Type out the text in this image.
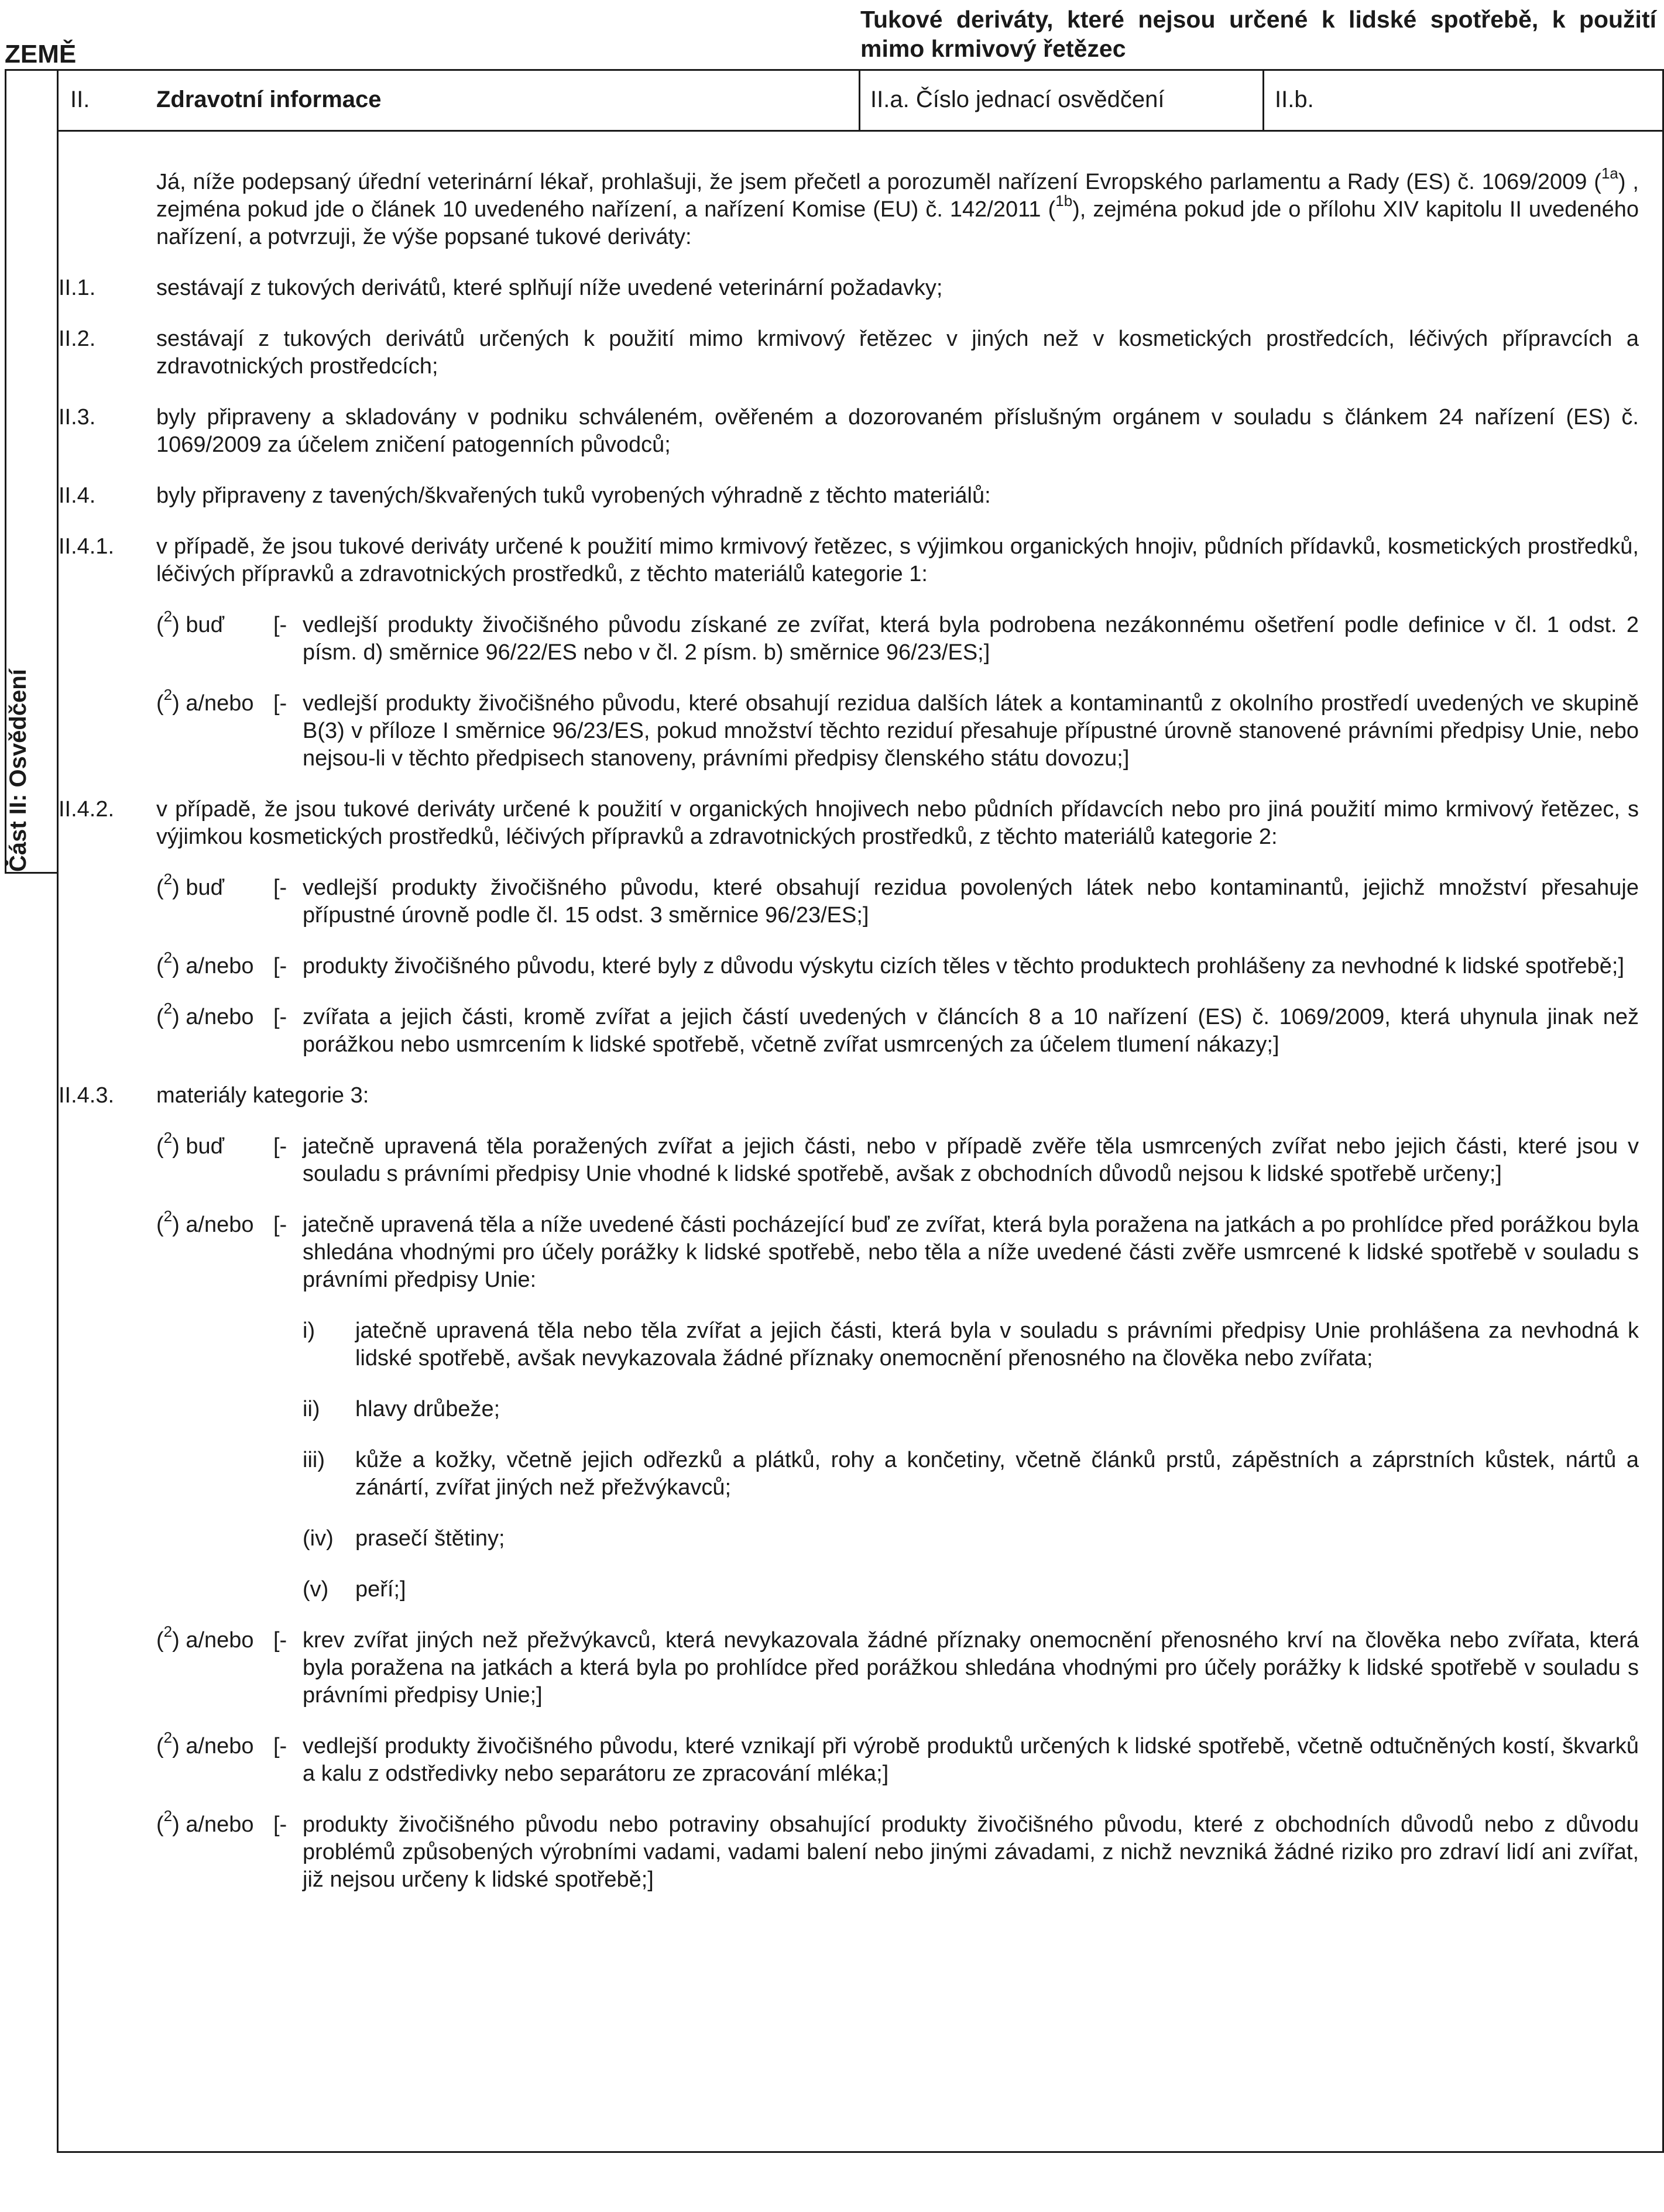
ZEMĚ
Tukové deriváty, které nejsou určené k lidské spotřebě, k použití mimo krmivový řetězec
II.	Zdravotní informace	II.a. Číslo jednací osvědčení	II.b.
Část II: Osvědčení

Já, níže podepsaný úřední veterinární lékař, prohlašuji, že jsem přečetl a porozuměl nařízení Evropského parlamentu a Rady (ES) č. 1069/2009 ($^{1a}$) , zejména pokud jde o článek 10 uvedeného nařízení, a nařízení Komise (EU) č. 142/2011 ($^{1b}$), zejména pokud jde o přílohu XIV kapitolu II uvedeného nařízení, a potvrzuji, že výše popsané tukové deriváty:

II.1.	sestávají z tukových derivátů, které splňují níže uvedené veterinární požadavky;
II.2.	sestávají z tukových derivátů určených k použití mimo krmivový řetězec v jiných než v kosmetických prostředcích, léčivých přípravcích a zdravotnických prostředcích;
II.3.	byly připraveny a skladovány v podniku schváleném, ověřeném a dozorovaném příslušným orgánem v souladu s článkem 24 nařízení (ES) č. 1069/2009 za účelem zničení patogenních původců;
II.4.	byly připraveny z tavených/škvařených tuků vyrobených výhradně z těchto materiálů:
II.4.1. v případě, že jsou tukové deriváty určené k použití mimo krmivový řetězec, s výjimkou organických hnojiv, půdních přídavků, kosmetických prostředků, léčivých přípravků a zdravotnických prostředků, z těchto materiálů kategorie 1:
($^2$) buď [- vedlejší produkty živočišného původu získané ze zvířat, která byla podrobena nezákonnému ošetření podle definice v čl. 1 odst. 2 písm. d) směrnice 96/22/ES nebo v čl. 2 písm. b) směrnice 96/23/ES;]
($^2$) a/nebo [- vedlejší produkty živočišného původu, které obsahují rezidua dalších látek a kontaminantů z okolního prostředí uvedených ve skupině B(3) v příloze I směrnice 96/23/ES, pokud množství těchto reziduí přesahuje přípustné úrovně stanovené právními předpisy Unie, nebo nejsou-li v těchto předpisech stanoveny, právními předpisy členského státu dovozu;]
II.4.2. v případě, že jsou tukové deriváty určené k použití v organických hnojivech nebo půdních přídavcích nebo pro jiná použití mimo krmivový řetězec, s výjimkou kosmetických prostředků, léčivých přípravků a zdravotnických prostředků, z těchto materiálů kategorie 2:
($^2$) buď [- vedlejší produkty živočišného původu, které obsahují rezidua povolených látek nebo kontaminantů, jejichž množství přesahuje přípustné úrovně podle čl. 15 odst. 3 směrnice 96/23/ES;]
($^2$) a/nebo [- produkty živočišného původu, které byly z důvodu výskytu cizích těles v těchto produktech prohlášeny za nevhodné k lidské spotřebě;]
($^2$) a/nebo [- zvířata a jejich části, kromě zvířat a jejich částí uvedených v článcích 8 a 10 nařízení (ES) č. 1069/2009, která uhynula jinak než porážkou nebo usmrcením k lidské spotřebě, včetně zvířat usmrcených za účelem tlumení nákazy;]
II.4.3. materiály kategorie 3:
($^2$) buď [- jatečně upravená těla poražených zvířat a jejich části, nebo v případě zvěře těla usmrcených zvířat nebo jejich části, které jsou v souladu s právními předpisy Unie vhodné k lidské spotřebě, avšak z obchodních důvodů nejsou k lidské spotřebě určeny;]
($^2$) a/nebo [- jatečně upravená těla a níže uvedené části pocházející buď ze zvířat, která byla poražena na jatkách a po prohlídce před porážkou byla shledána vhodnými pro účely porážky k lidské spotřebě, nebo těla a níže uvedené části zvěře usmrcené k lidské spotřebě v souladu s právními předpisy Unie:
i) jatečně upravená těla nebo těla zvířat a jejich části, která byla v souladu s právními předpisy Unie prohlášena za nevhodná k lidské spotřebě, avšak nevykazovala žádné příznaky onemocnění přenosného na člověka nebo zvířata;
ii) hlavy drůbeže;
iii) kůže a kožky, včetně jejich odřezků a plátků, rohy a končetiny, včetně článků prstů, zápěstních a záprstních kůstek, nártů a zánártí, zvířat jiných než přežvýkavců;
(iv) prasečí štětiny;
(v) peří;]
($^2$) a/nebo [- krev zvířat jiných než přežvýkavců, která nevykazovala žádné příznaky onemocnění přenosného krví na člověka nebo zvířata, která byla poražena na jatkách a která byla po prohlídce před porážkou shledána vhodnými pro účely porážky k lidské spotřebě v souladu s právními předpisy Unie;]
($^2$) a/nebo [- vedlejší produkty živočišného původu, které vznikají při výrobě produktů určených k lidské spotřebě, včetně odtučněných kostí, škvarků a kalu z odstředivky nebo separátoru ze zpracování mléka;]
($^2$) a/nebo [- produkty živočišného původu nebo potraviny obsahující produkty živočišného původu, které z obchodních důvodů nebo z důvodu problémů způsobených výrobními vadami, vadami balení nebo jinými závadami, z nichž nevzniká žádné riziko pro zdraví lidí ani zvířat, již nejsou určeny k lidské spotřebě;]
